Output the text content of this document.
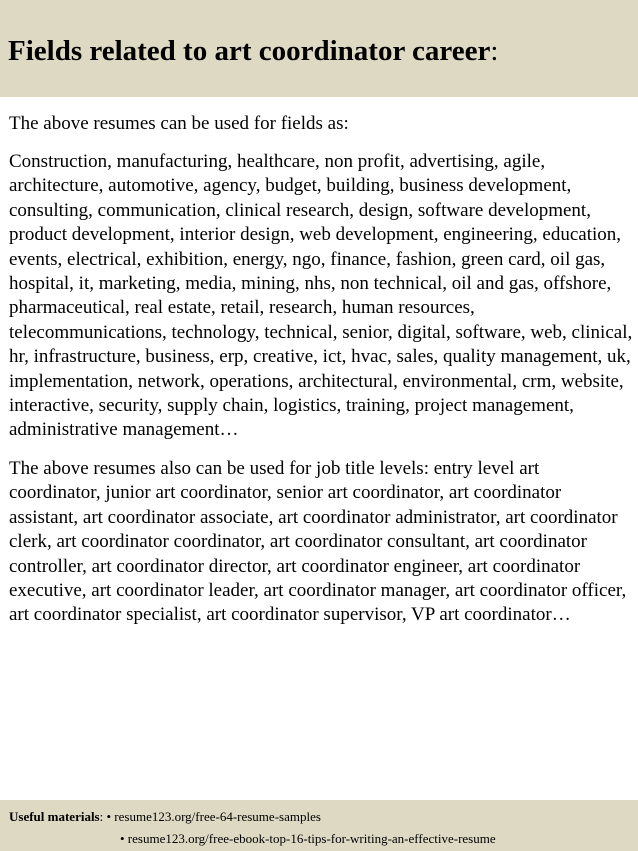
Fields related to art coordinator career:

The above resumes can be used for fields as:

Construction, manufacturing, healthcare, non profit, advertising, agile, architecture, automotive, agency, budget, building, business development, consulting, communication, clinical research, design, software development, product development, interior design, web development, engineering, education, events, electrical, exhibition, energy, ngo, finance, fashion, green card, oil gas, hospital, it, marketing, media, mining, nhs, non technical, oil and gas, offshore, pharmaceutical, real estate, retail, research, human resources, telecommunications, technology, technical, senior, digital, software, web, clinical, hr, infrastructure, business, erp, creative, ict, hvac, sales, quality management, uk, implementation, network, operations, architectural, environmental, crm, website, interactive, security, supply chain, logistics, training, project management, administrative management…

The above resumes also can be used for job title levels: entry level art coordinator, junior art coordinator, senior art coordinator, art coordinator assistant, art coordinator associate, art coordinator administrator, art coordinator clerk, art coordinator coordinator, art coordinator consultant, art coordinator controller, art coordinator director, art coordinator engineer, art coordinator executive, art coordinator leader, art coordinator manager, art coordinator officer, art coordinator specialist, art coordinator supervisor, VP art coordinator…

Useful materials: • resume123.org/free-64-resume-samples
• resume123.org/free-ebook-top-16-tips-for-writing-an-effective-resume
